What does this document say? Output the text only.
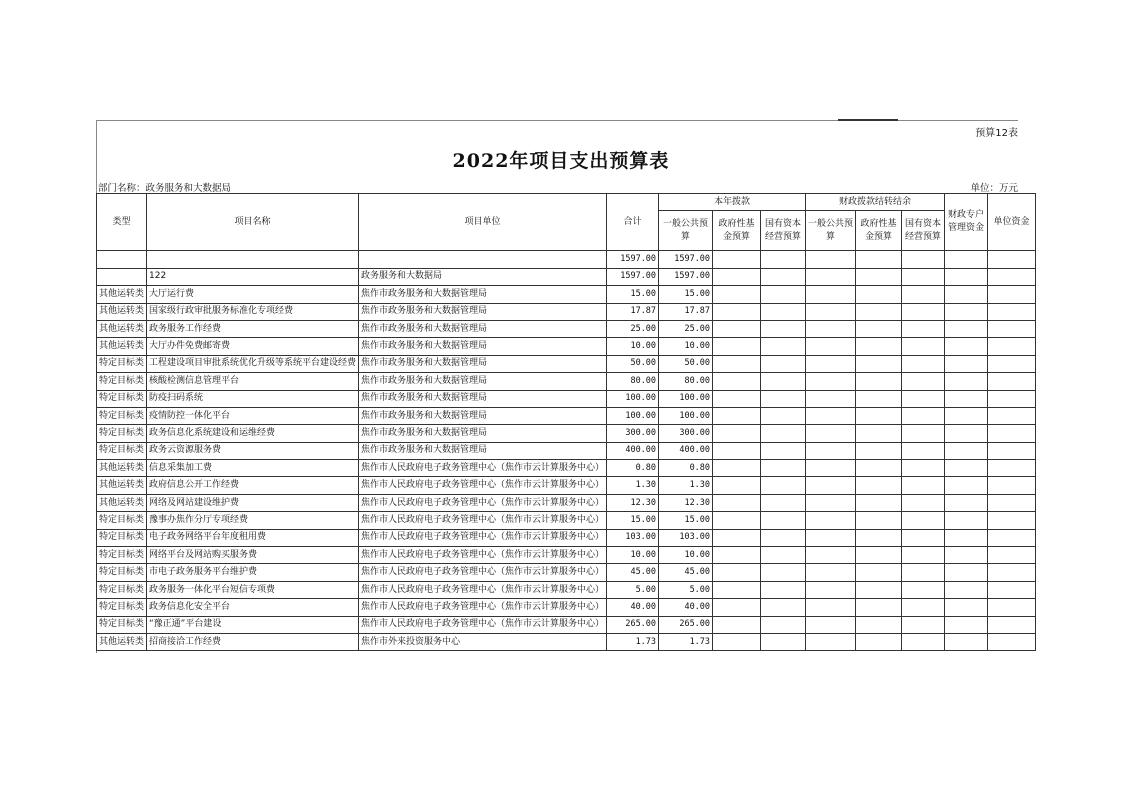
预算12表
2022年项目支出预算表
部门名称：政务服务和大数据局	单位：万元
类型	项目名称	项目单位	合计	本年拨款			财政拨款结转结余			财政专户管理资金	单位资金
				一般公共预算	政府性基金预算	国有资本经营预算	一般公共预算	政府性基金预算	国有资本经营预算		
			1597.00	1597.00							
	122	政务服务和大数据局	1597.00	1597.00							
其他运转类	大厅运行费	焦作市政务服务和大数据管理局	15.00	15.00							
其他运转类	国家级行政审批服务标准化专项经费	焦作市政务服务和大数据管理局	17.87	17.87							
其他运转类	政务服务工作经费	焦作市政务服务和大数据管理局	25.00	25.00							
其他运转类	大厅办件免费邮寄费	焦作市政务服务和大数据管理局	10.00	10.00							
特定目标类	工程建设项目审批系统优化升级等系统平台建设经费	焦作市政务服务和大数据管理局	50.00	50.00							
特定目标类	核酸检测信息管理平台	焦作市政务服务和大数据管理局	80.00	80.00							
特定目标类	防疫扫码系统	焦作市政务服务和大数据管理局	100.00	100.00							
特定目标类	疫情防控一体化平台	焦作市政务服务和大数据管理局	100.00	100.00							
特定目标类	政务信息化系统建设和运维经费	焦作市政务服务和大数据管理局	300.00	300.00							
特定目标类	政务云资源服务费	焦作市政务服务和大数据管理局	400.00	400.00							
其他运转类	信息采集加工费	焦作市人民政府电子政务管理中心（焦作市云计算服务中心）	0.80	0.80							
其他运转类	政府信息公开工作经费	焦作市人民政府电子政务管理中心（焦作市云计算服务中心）	1.30	1.30							
其他运转类	网络及网站建设维护费	焦作市人民政府电子政务管理中心（焦作市云计算服务中心）	12.30	12.30							
特定目标类	豫事办焦作分厅专项经费	焦作市人民政府电子政务管理中心（焦作市云计算服务中心）	15.00	15.00							
特定目标类	电子政务网络平台年度租用费	焦作市人民政府电子政务管理中心（焦作市云计算服务中心）	103.00	103.00							
特定目标类	网络平台及网站购买服务费	焦作市人民政府电子政务管理中心（焦作市云计算服务中心）	10.00	10.00							
特定目标类	市电子政务服务平台维护费	焦作市人民政府电子政务管理中心（焦作市云计算服务中心）	45.00	45.00							
特定目标类	政务服务一体化平台短信专项费	焦作市人民政府电子政务管理中心（焦作市云计算服务中心）	5.00	5.00							
特定目标类	政务信息化安全平台	焦作市人民政府电子政务管理中心（焦作市云计算服务中心）	40.00	40.00							
特定目标类	“豫正通”平台建设	焦作市人民政府电子政务管理中心（焦作市云计算服务中心）	265.00	265.00							
其他运转类	招商接洽工作经费	焦作市外来投资服务中心	1.73	1.73							
